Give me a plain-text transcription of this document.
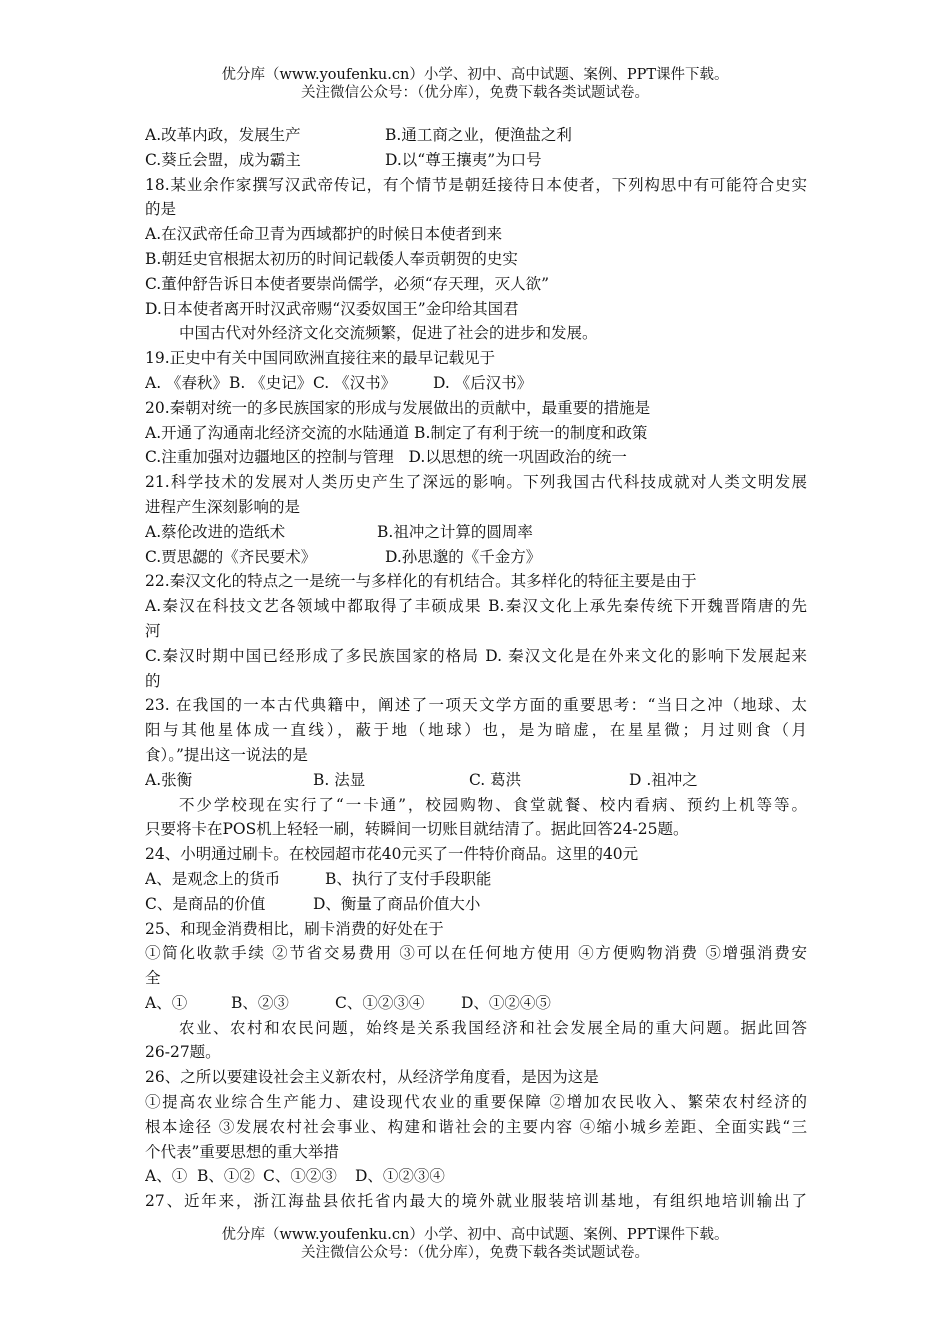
优分库（www.youfenku.cn）小学、初中、高中试题、案例、PPT课件下载。
关注微信公众号：（优分库），免费下载各类试题试卷。
A.改革内政，发展生产	B.通工商之业，便渔盐之利
C.葵丘会盟，成为霸主	D.以“尊王攘夷”为口号
18.某业余作家撰写汉武帝传记，有个情节是朝廷接待日本使者，下列构思中有可能符合史实
的是
A.在汉武帝任命卫青为西域都护的时候日本使者到来
B.朝廷史官根据太初历的时间记载倭人奉贡朝贺的史实
C.董仲舒告诉日本使者要崇尚儒学，必须“存天理，灭人欲”
D.日本使者离开时汉武帝赐“汉委奴国王”金印给其国君
中国古代对外经济文化交流频繁，促进了社会的进步和发展。
19.正史中有关中国同欧洲直接往来的最早记载见于
A. 《春秋》B. 《史记》C. 《汉书》 D. 《后汉书》
20.秦朝对统一的多民族国家的形成与发展做出的贡献中，最重要的措施是
A.开通了沟通南北经济交流的水陆通道 B.制定了有利于统一的制度和政策
C.注重加强对边疆地区的控制与管理   D.以思想的统一巩固政治的统一
21.科学技术的发展对人类历史产生了深远的影响。下列我国古代科技成就对人类文明发展
进程产生深刻影响的是
A.蔡伦改进的造纸术	B.祖冲之计算的圆周率
C.贾思勰的《齐民要术》	D.孙思邈的《千金方》
22.秦汉文化的特点之一是统一与多样化的有机结合。其多样化的特征主要是由于
A.秦汉在科技文艺各领域中都取得了丰硕成果 B.秦汉文化上承先秦传统下开魏晋隋唐的先
河
C.秦汉时期中国已经形成了多民族国家的格局 D. 秦汉文化是在外来文化的影响下发展起来
的
23. 在我国的一本古代典籍中，阐述了一项天文学方面的重要思考：“当日之冲（地球、太
阳与其他星体成一直线），蔽于地（地球）也，是为暗虚，在星星微；月过则食（月
食）。”提出这一说法的是
A.张衡	B. 法显	C. 葛洪	D .祖冲之
不少学校现在实行了“一卡通”，校园购物、食堂就餐、校内看病、预约上机等等。
只要将卡在POS机上轻轻一刷，转瞬间一切账目就结清了。据此回答24-25题。
24、小明通过刷卡。在校园超市花40元买了一件特价商品。这里的40元
A、是观念上的货币	B、执行了支付手段职能
C、是商品的价值	D、衡量了商品价值大小
25、和现金消费相比，刷卡消费的好处在于
①简化收款手续 ②节省交易费用 ③可以在任何地方使用 ④方便购物消费 ⑤增强消费安
全
A、①	B、②③	C、①②③④ D、①②④⑤
农业、农村和农民问题，始终是关系我国经济和社会发展全局的重大问题。据此回答
26-27题。
26、之所以要建设社会主义新农村，从经济学角度看，是因为这是
①提高农业综合生产能力、建设现代农业的重要保障 ②增加农民收入、繁荣农村经济的
根本途径 ③发展农村社会事业、构建和谐社会的主要内容 ④缩小城乡差距、全面实践“三
个代表”重要思想的重大举措
A、① B、①② C、①②③ D、①②③④
27、近年来，浙江海盐县依托省内最大的境外就业服装培训基地，有组织地培训输出了
优分库（www.youfenku.cn）小学、初中、高中试题、案例、PPT课件下载。
关注微信公众号：（优分库），免费下载各类试题试卷。
